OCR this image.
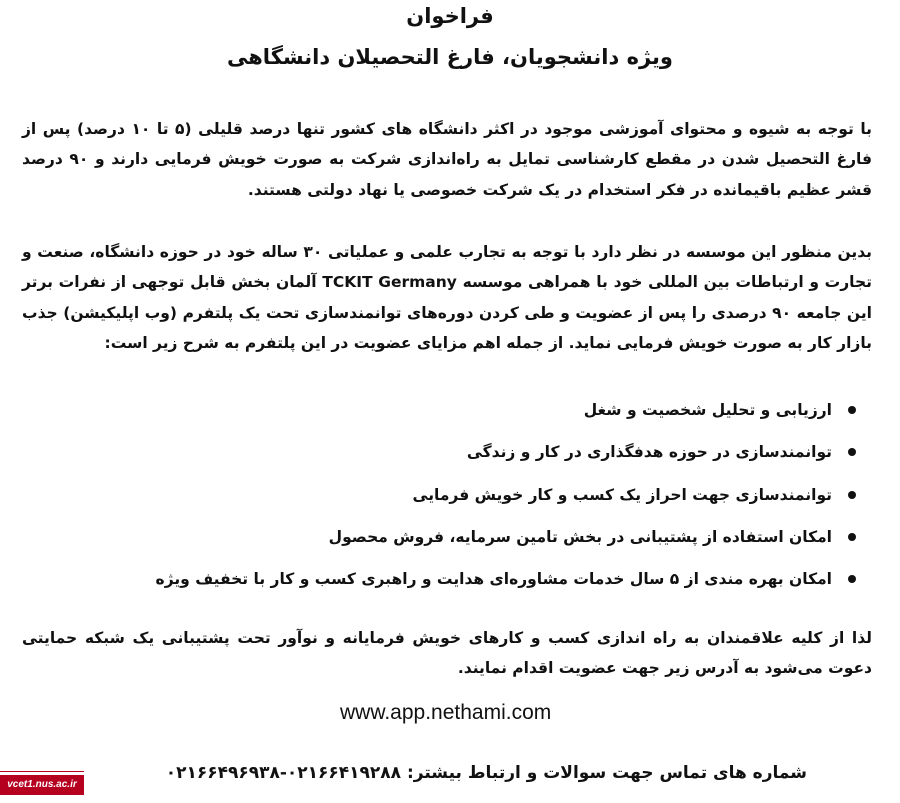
فراخوان
ویژه دانشجویان، فارغ التحصیلان دانشگاهی

با توجه به شیوه و محتوای آموزشی موجود در اکثر دانشگاه های کشور تنها درصد قلیلی (۵ تا ۱۰ درصد) پس از فارغ التحصیل شدن در مقطع کارشناسی تمایل به راه‌اندازی شرکت به صورت خویش فرمایی دارند و ۹۰ درصد قشر عظیم باقیمانده در فکر استخدام در یک شرکت خصوصی یا نهاد دولتی هستند.

بدین منظور این موسسه در نظر دارد با توجه به تجارب علمی و عملیاتی ۳۰ ساله خود در حوزه دانشگاه، صنعت و تجارت و ارتباطات بین المللی خود با همراهی موسسه TCKIT Germany آلمان بخش قابل توجهی از نفرات برتر این جامعه ۹۰ درصدی را پس از عضویت و طی کردن دوره‌های توانمندسازی تحت یک پلتفرم (وب اپلیکیشن) جذب بازار کار به صورت خویش فرمایی نماید. از جمله اهم مزایای عضویت در این پلتفرم به شرح زیر است:

ارزیابی و تحلیل شخصیت و شغل
توانمندسازی در حوزه هدفگذاری در کار و زندگی
توانمندسازی جهت احراز یک کسب و کار خویش فرمایی
امکان استفاده از پشتیبانی در بخش تامین سرمایه، فروش محصول
امکان بهره مندی از ۵ سال خدمات مشاوره‌ای هدایت و راهبری کسب و کار با تخفیف ویژه

لذا از کلیه علاقمندان به راه اندازی کسب و کارهای خویش فرمایانه و نوآور تحت پشتیبانی یک شبکه حمایتی دعوت می‌شود به آدرس زیر جهت عضویت اقدام نمایند.

www.app.nethami.com
شماره های تماس جهت سوالات و ارتباط بیشتر: ۰۲۱۶۶۴۱۹۲۸۸-۰۲۱۶۶۴۹۶۹۳۸
vcet1.nus.ac.ir
